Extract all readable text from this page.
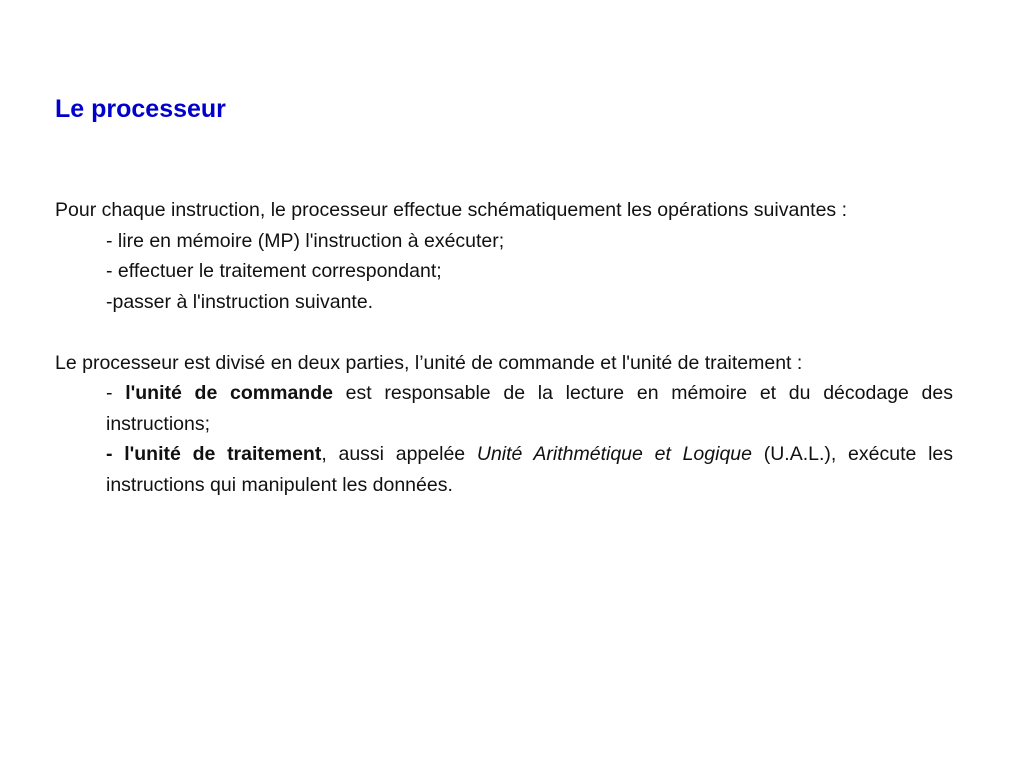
Le processeur

Pour chaque instruction, le processeur effectue schématiquement les opérations suivantes :

- lire en mémoire (MP) l'instruction à exécuter;
- effectuer le traitement correspondant;
-passer à l'instruction suivante.

Le processeur est divisé en deux parties, l’unité de commande et l'unité de traitement :

- l'unité de commande est responsable de la lecture en mémoire et du décodage des instructions;
- l'unité de traitement, aussi appelée Unité Arithmétique et Logique (U.A.L.), exécute les instructions qui manipulent les données.
